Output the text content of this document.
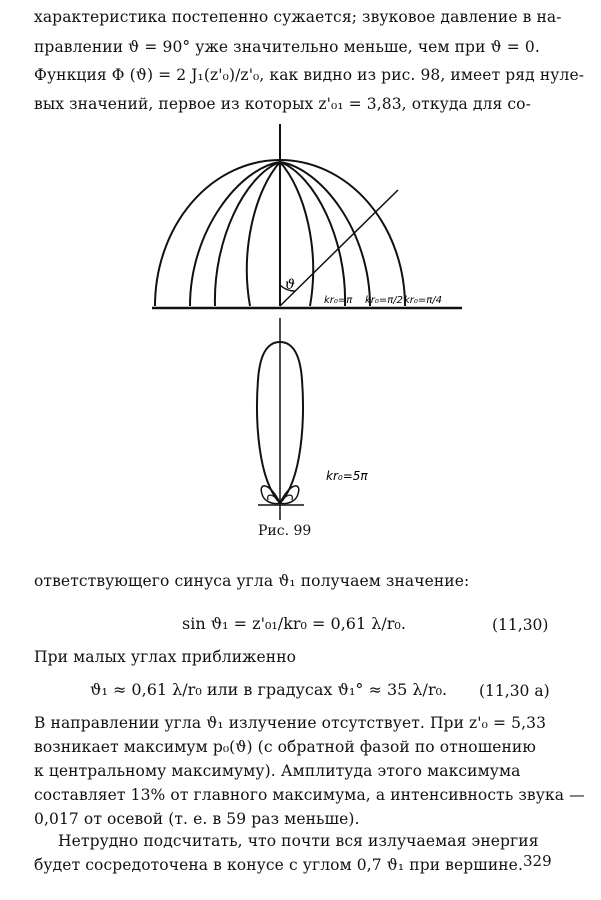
характеристика постепенно сужается; звуковое давление в на-
правлении ϑ = 90° уже значительно меньше, чем при ϑ = 0.
Функция Φ (ϑ) = 2 J₁(z'₀)/z'₀, как видно из рис. 98, имеет ряд нуле-
вых значений, первое из которых z'₀₁ = 3,83, откуда для со-
ϑ
kr₀=π kr₀=π/2 kr₀=π/4
kr₀=5π
Рис. 99
ответствующего синуса угла ϑ₁ получаем значение:
sin ϑ₁ = z'₀₁/kr₀ = 0,61 λ/r₀.	(11,30)
При малых углах приближенно
ϑ₁ ≈ 0,61 λ/r₀ или в градусах ϑ₁° ≈ 35 λ/r₀. (11,30 а)
В направлении угла ϑ₁ излучение отсутствует. При z'₀ = 5,33
возникает максимум p₀(ϑ) (с обратной фазой по отношению
к центральному максимуму). Амплитуда этого максимума
составляет 13% от главного максимума, а интенсивность звука —
0,017 от осевой (т. е. в 59 раз меньше).
Нетрудно подсчитать, что почти вся излучаемая энергия
будет сосредоточена в конусе с углом 0,7 ϑ₁ при вершине. 329
